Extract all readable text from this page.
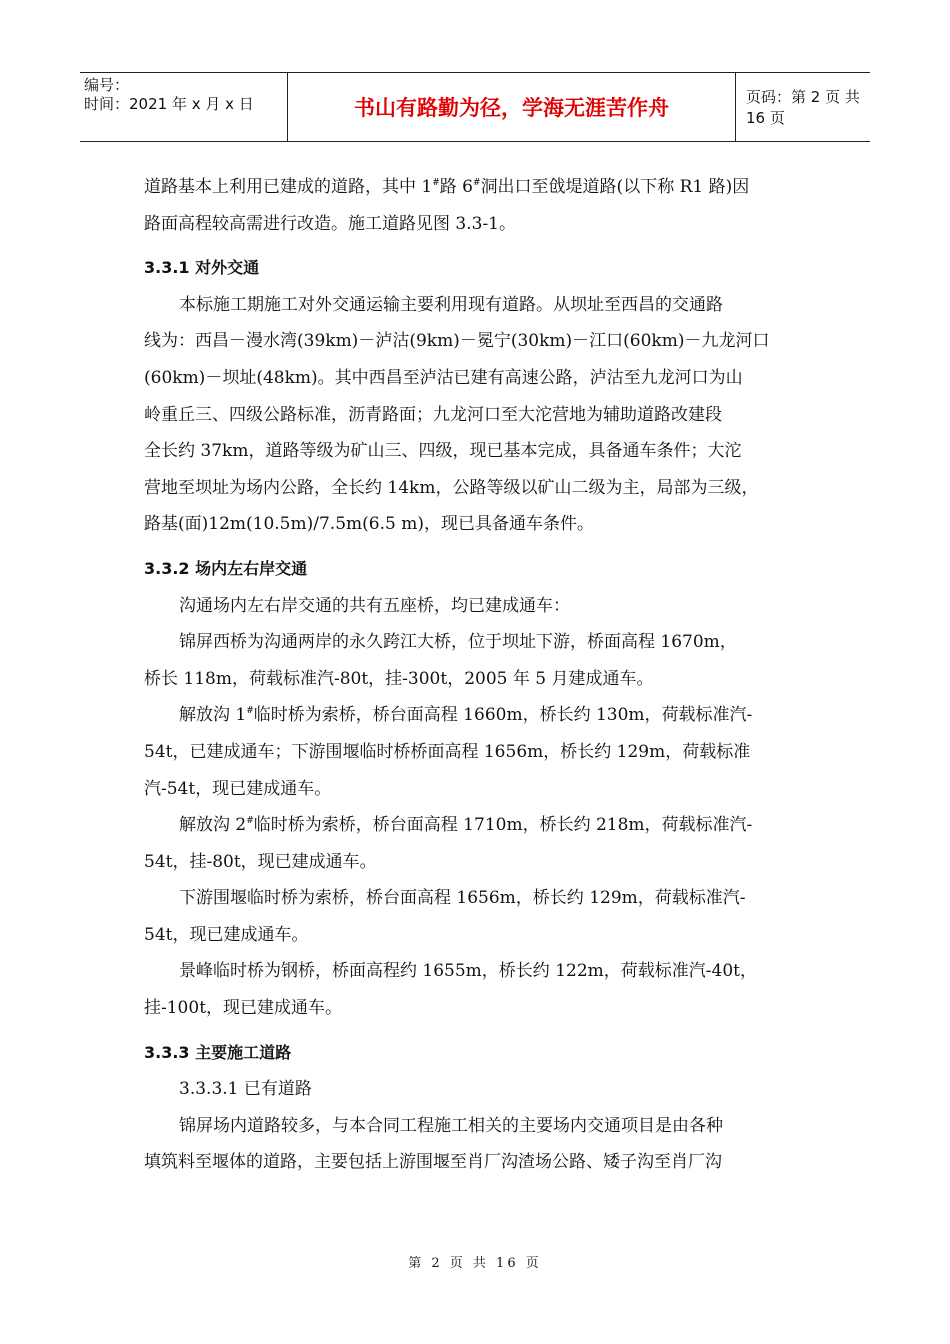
编号：
时间：2021 年 x 月 x 日	书山有路勤为径，学海无涯苦作舟	页码：第 2 页 共 16 页

道路基本上利用已建成的道路，其中 1#路 6#洞出口至戗堤道路(以下称 R1 路)因

路面高程较高需进行改造。施工道路见图 3.3-1。

3.3.1 对外交通

本标施工期施工对外交通运输主要利用现有道路。从坝址至西昌的交通路

线为：西昌－漫水湾(39km)－泸沽(9km)－冕宁(30km)－江口(60km)－九龙河口

(60km)－坝址(48km)。其中西昌至泸沽已建有高速公路，泸沽至九龙河口为山

岭重丘三、四级公路标准，沥青路面；九龙河口至大沱营地为辅助道路改建段

全长约 37km，道路等级为矿山三、四级，现已基本完成，具备通车条件；大沱

营地至坝址为场内公路，全长约 14km，公路等级以矿山二级为主，局部为三级，

路基(面)12m(10.5m)/7.5m(6.5 m)，现已具备通车条件。

3.3.2 场内左右岸交通

沟通场内左右岸交通的共有五座桥，均已建成通车：

锦屏西桥为沟通两岸的永久跨江大桥，位于坝址下游，桥面高程 1670m，

桥长 118m，荷载标准汽-80t，挂-300t，2005 年 5 月建成通车。

解放沟 1#临时桥为索桥，桥台面高程 1660m，桥长约 130m，荷载标准汽-

54t，已建成通车；下游围堰临时桥桥面高程 1656m，桥长约 129m，荷载标准

汽-54t，现已建成通车。

解放沟 2#临时桥为索桥，桥台面高程 1710m，桥长约 218m，荷载标准汽-

54t，挂-80t，现已建成通车。

下游围堰临时桥为索桥，桥台面高程 1656m，桥长约 129m，荷载标准汽-

54t，现已建成通车。

景峰临时桥为钢桥，桥面高程约 1655m，桥长约 122m，荷载标准汽-40t，

挂-100t，现已建成通车。

3.3.3 主要施工道路

3.3.3.1 已有道路

锦屏场内道路较多，与本合同工程施工相关的主要场内交通项目是由各种

填筑料至堰体的道路，主要包括上游围堰至肖厂沟渣场公路、矮子沟至肖厂沟

第 2 页 共 16 页
